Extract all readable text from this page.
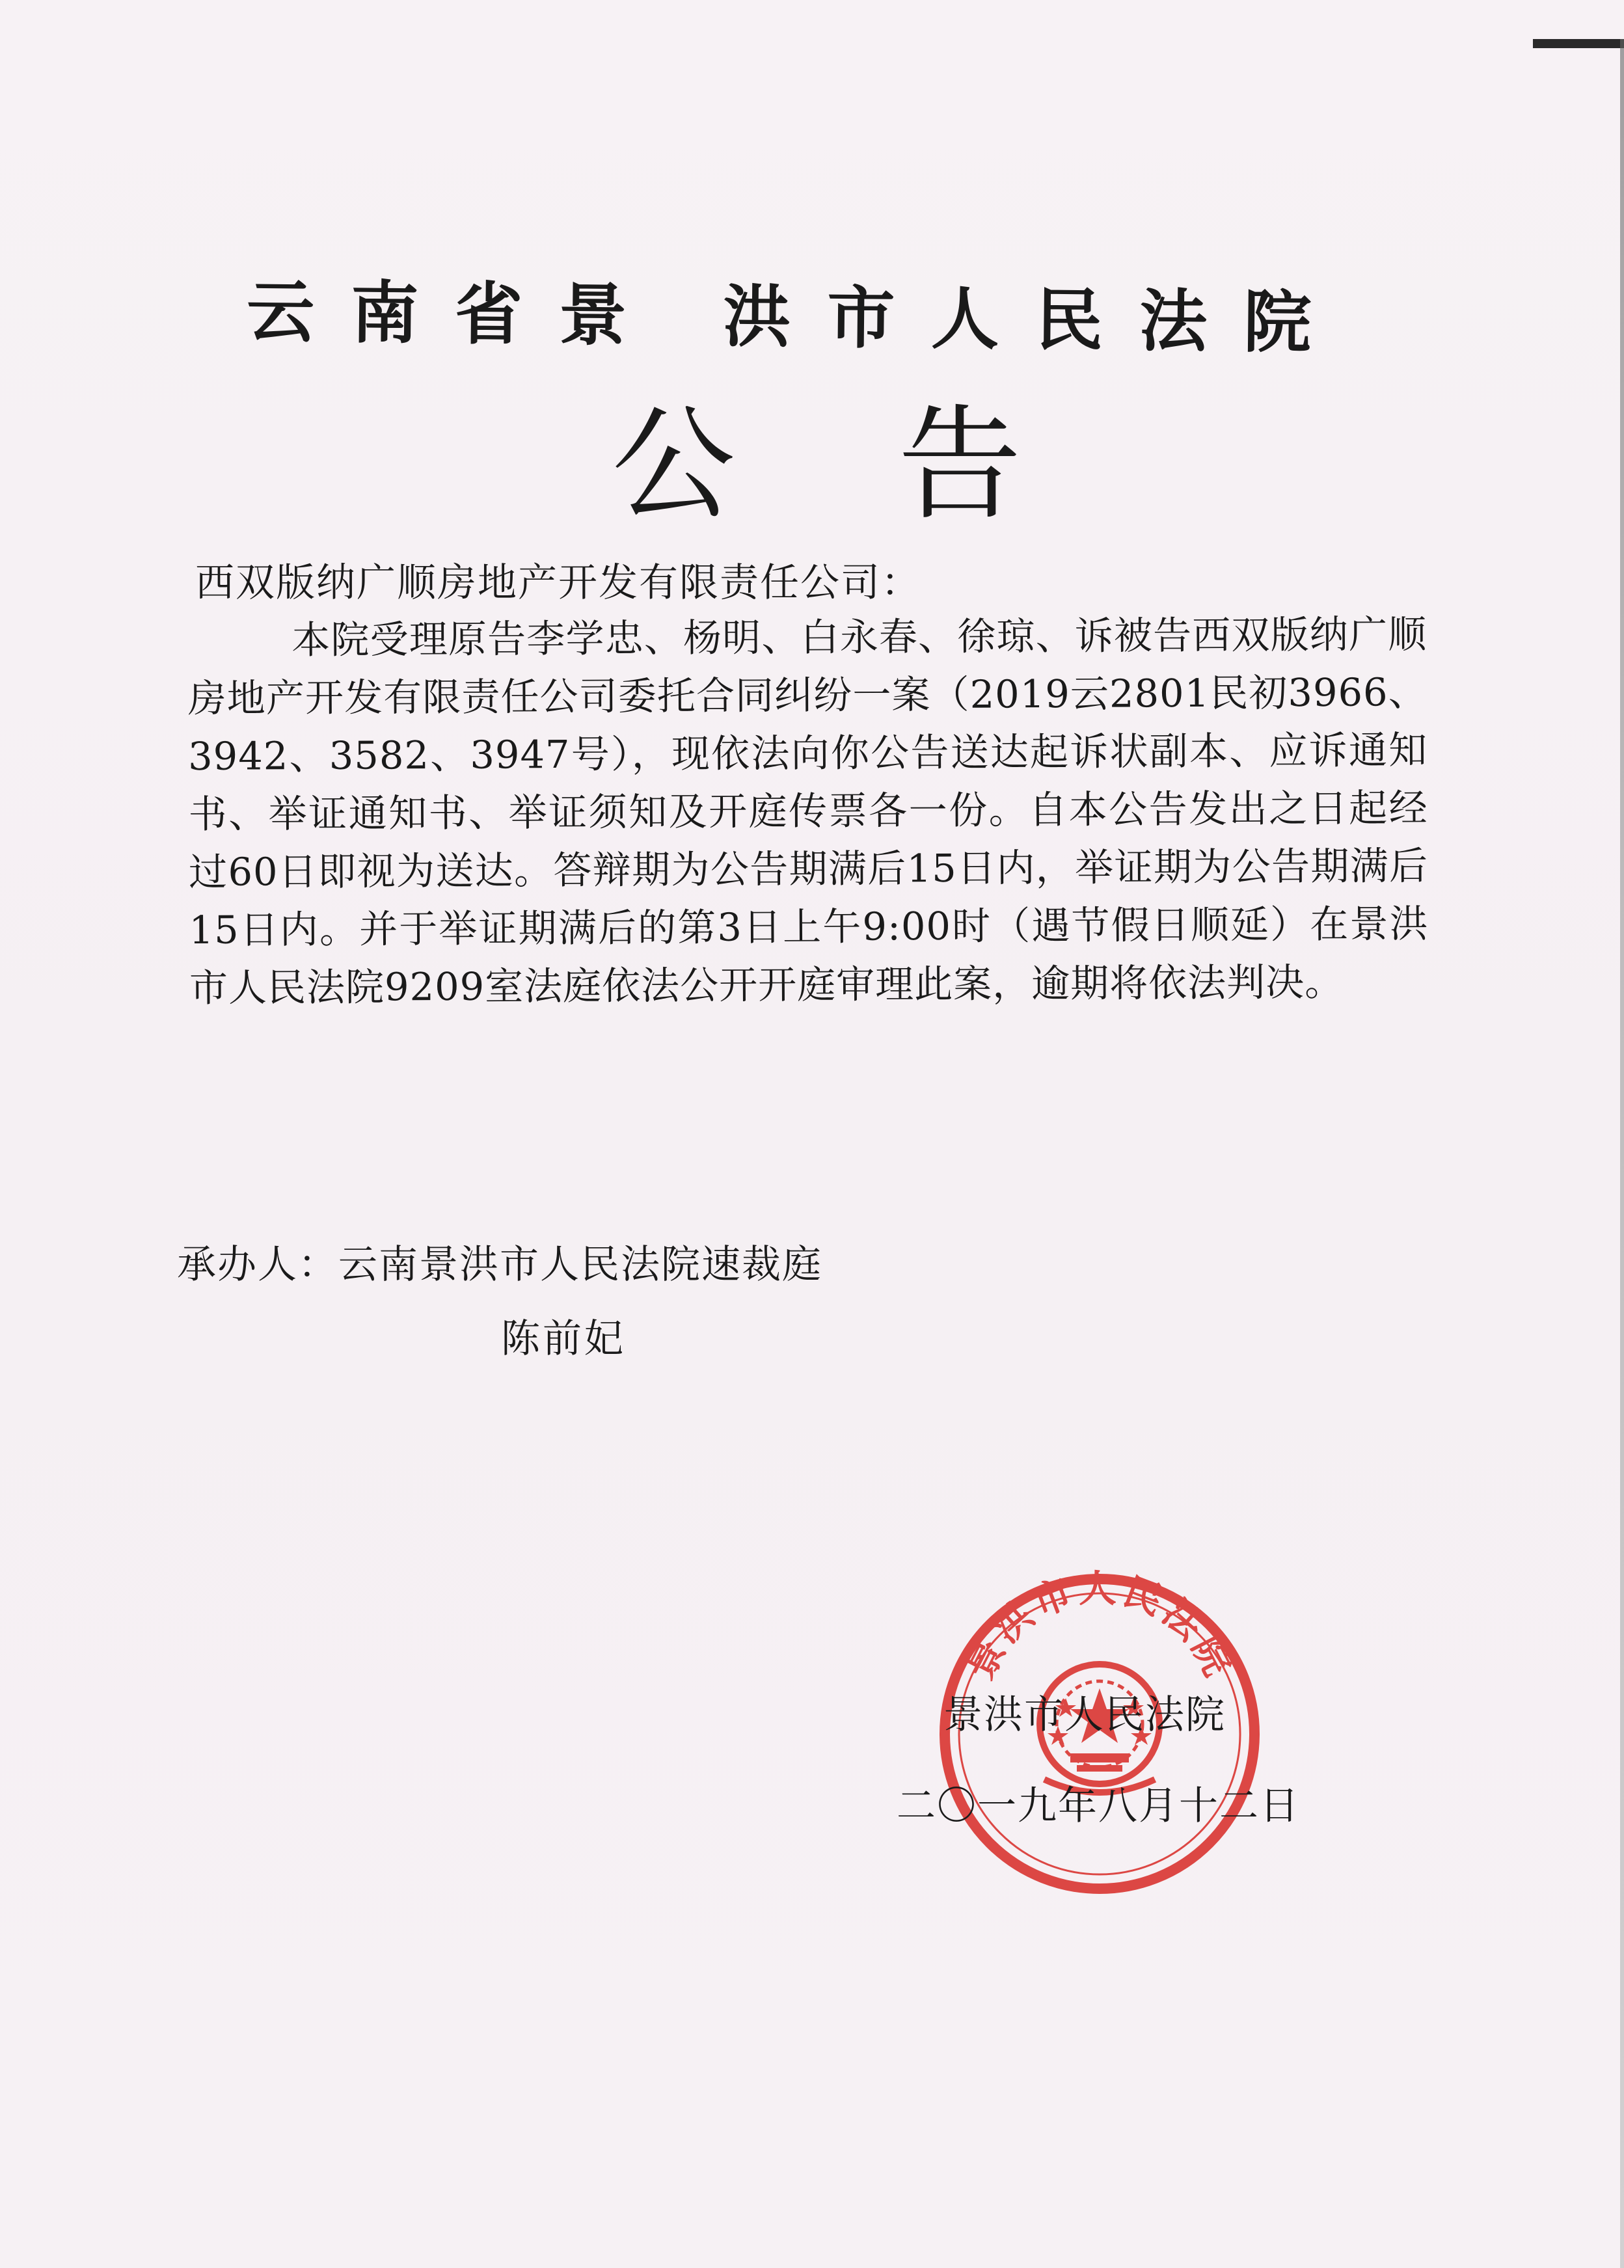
云南省景 洪市人民法院
公告

西双版纳广顺房地产开发有限责任公司：

本院受理原告李学忠、杨明、白永春、徐琼、诉被告西双版纳广顺房地产开发有限责任公司委托合同纠纷一案（2019云2801民初3966、3942、3582、3947号），现依法向你公告送达起诉状副本、应诉通知书、举证通知书、举证须知及开庭传票各一份。自本公告发出之日起经过60日即视为送达。答辩期为公告期满后15日内，举证期为公告期满后15日内。并于举证期满后的第3日上午9:00时（遇节假日顺延）在景洪市人民法院9209室法庭依法公开开庭审理此案，逾期将依法判决。

承办人：云南景洪市人民法院速裁庭

陈前妃

景洪市人民法院

景洪市人民法院

二〇一九年八月十二日
